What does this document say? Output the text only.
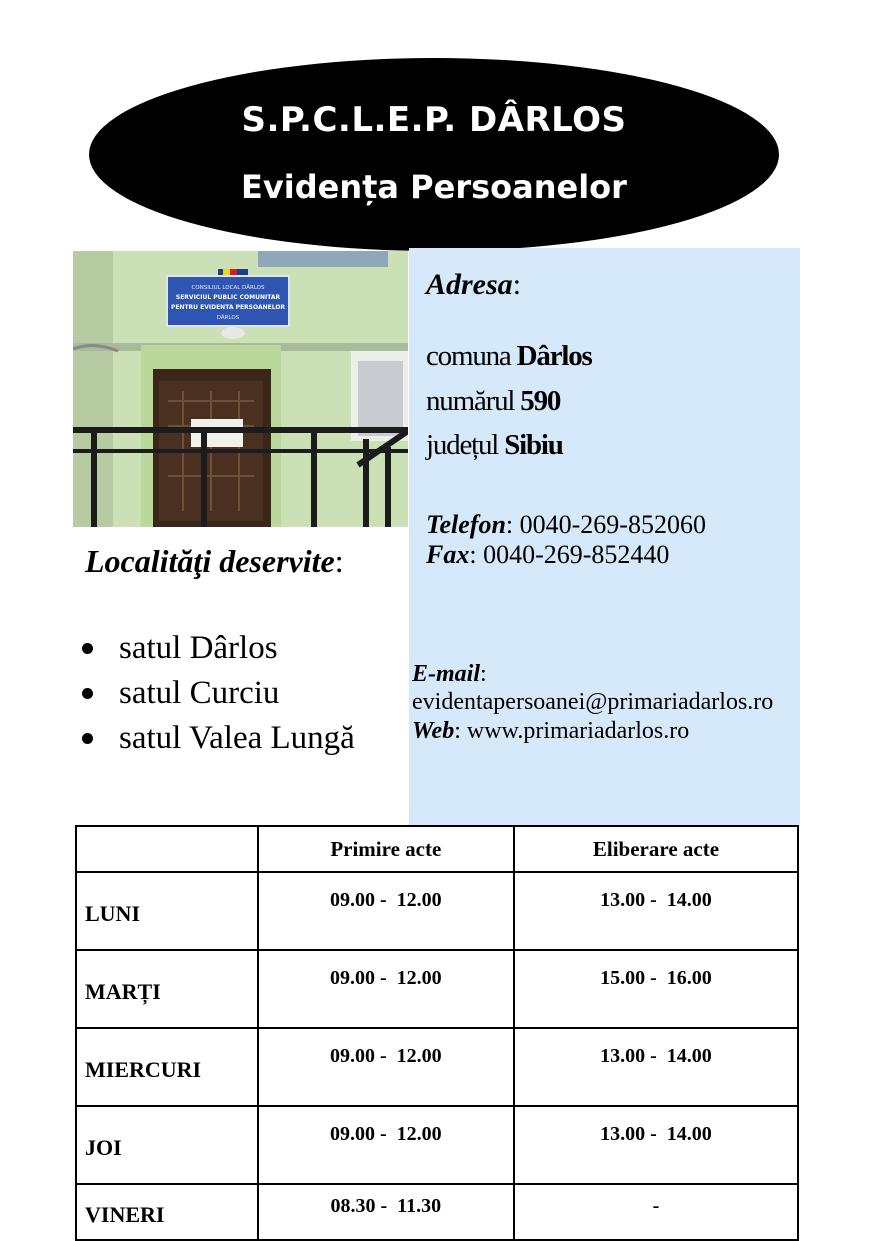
S.P.C.L.E.P. DÂRLOS
Evidența Persoanelor
CONSILIUL LOCAL DÂRLOS
SERVICIUL PUBLIC COMUNITAR
PENTRU EVIDENTA PERSOANELOR
DÂRLOS
Adresa:
comuna Dârlos
numărul 590
județul Sibiu
Telefon: 0040-269-852060
Fax: 0040-269-852440
E-mail:
evidentapersoanei@primariadarlos.ro
Web: www.primariadarlos.ro
Localităţi deservite:
satul Dârlos
satul Curciu
satul Valea Lungă
	Primire acte	Eliberare acte
LUNI	09.00 -  12.00	13.00 -  14.00
MARȚI	09.00 -  12.00	15.00 -  16.00
MIERCURI	09.00 -  12.00	13.00 -  14.00
JOI	09.00 -  12.00	13.00 -  14.00
VINERI	08.30 -  11.30	-
